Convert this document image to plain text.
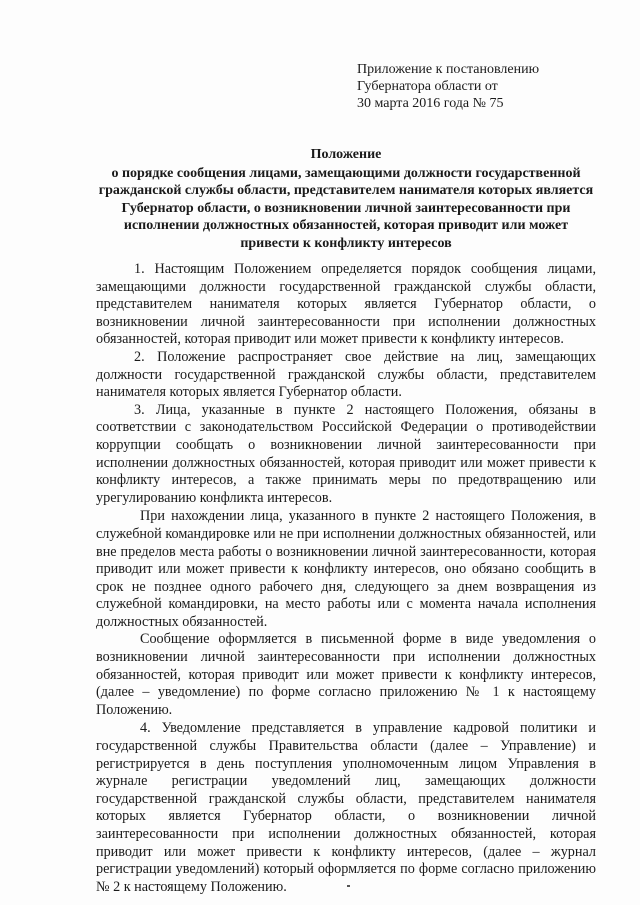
Приложение к постановлению
Губернатора области от
30 марта 2016 года № 75
Положение
о порядке сообщения лицами, замещающими должности государственной гражданской службы области, представителем нанимателя которых является Губернатор области, о возникновении личной заинтересованности при исполнении должностных обязанностей, которая приводит или может привести к конфликту интересов

1. Настоящим Положением определяется порядок сообщения лицами, замещающими должности государственной гражданской службы области, представителем нанимателя которых является Губернатор области, о возникновении личной заинтересованности при исполнении должностных обязанностей, которая приводит или может привести к конфликту интересов.

2. Положение распространяет свое действие на лиц, замещающих должности государственной гражданской службы области, представителем нанимателя которых является Губернатор области.

3. Лица, указанные в пункте 2 настоящего Положения, обязаны в соответствии с законодательством Российской Федерации о противодействии коррупции сообщать о возникновении личной заинтересованности при исполнении должностных обязанностей, которая приводит или может привести к конфликту интересов, а также принимать меры по предотвращению или урегулированию конфликта интересов.

При нахождении лица, указанного в пункте 2 настоящего Положения, в служебной командировке или не при исполнении должностных обязанностей, или вне пределов места работы о возникновении личной заинтересованности, которая приводит или может привести к конфликту интересов, оно обязано сообщить в срок не позднее одного рабочего дня, следующего за днем возвращения из служебной командировки, на место работы или с момента начала исполнения должностных обязанностей.

Сообщение оформляется в письменной форме в виде уведомления о возникновении личной заинтересованности при исполнении должностных обязанностей, которая приводит или может привести к конфликту интересов, (далее – уведомление) по форме согласно приложению № 1 к настоящему Положению.

4. Уведомление представляется в управление кадровой политики и государственной службы Правительства области (далее – Управление) и регистрируется в день поступления уполномоченным лицом Управления в журнале регистрации уведомлений лиц, замещающих должности государственной гражданской службы области, представителем нанимателя которых является Губернатор области, о возникновении личной заинтересованности при исполнении должностных обязанностей, которая приводит или может привести к конфликту интересов, (далее – журнал регистрации уведомлений) который оформляется по форме согласно приложению № 2 к настоящему Положению.
